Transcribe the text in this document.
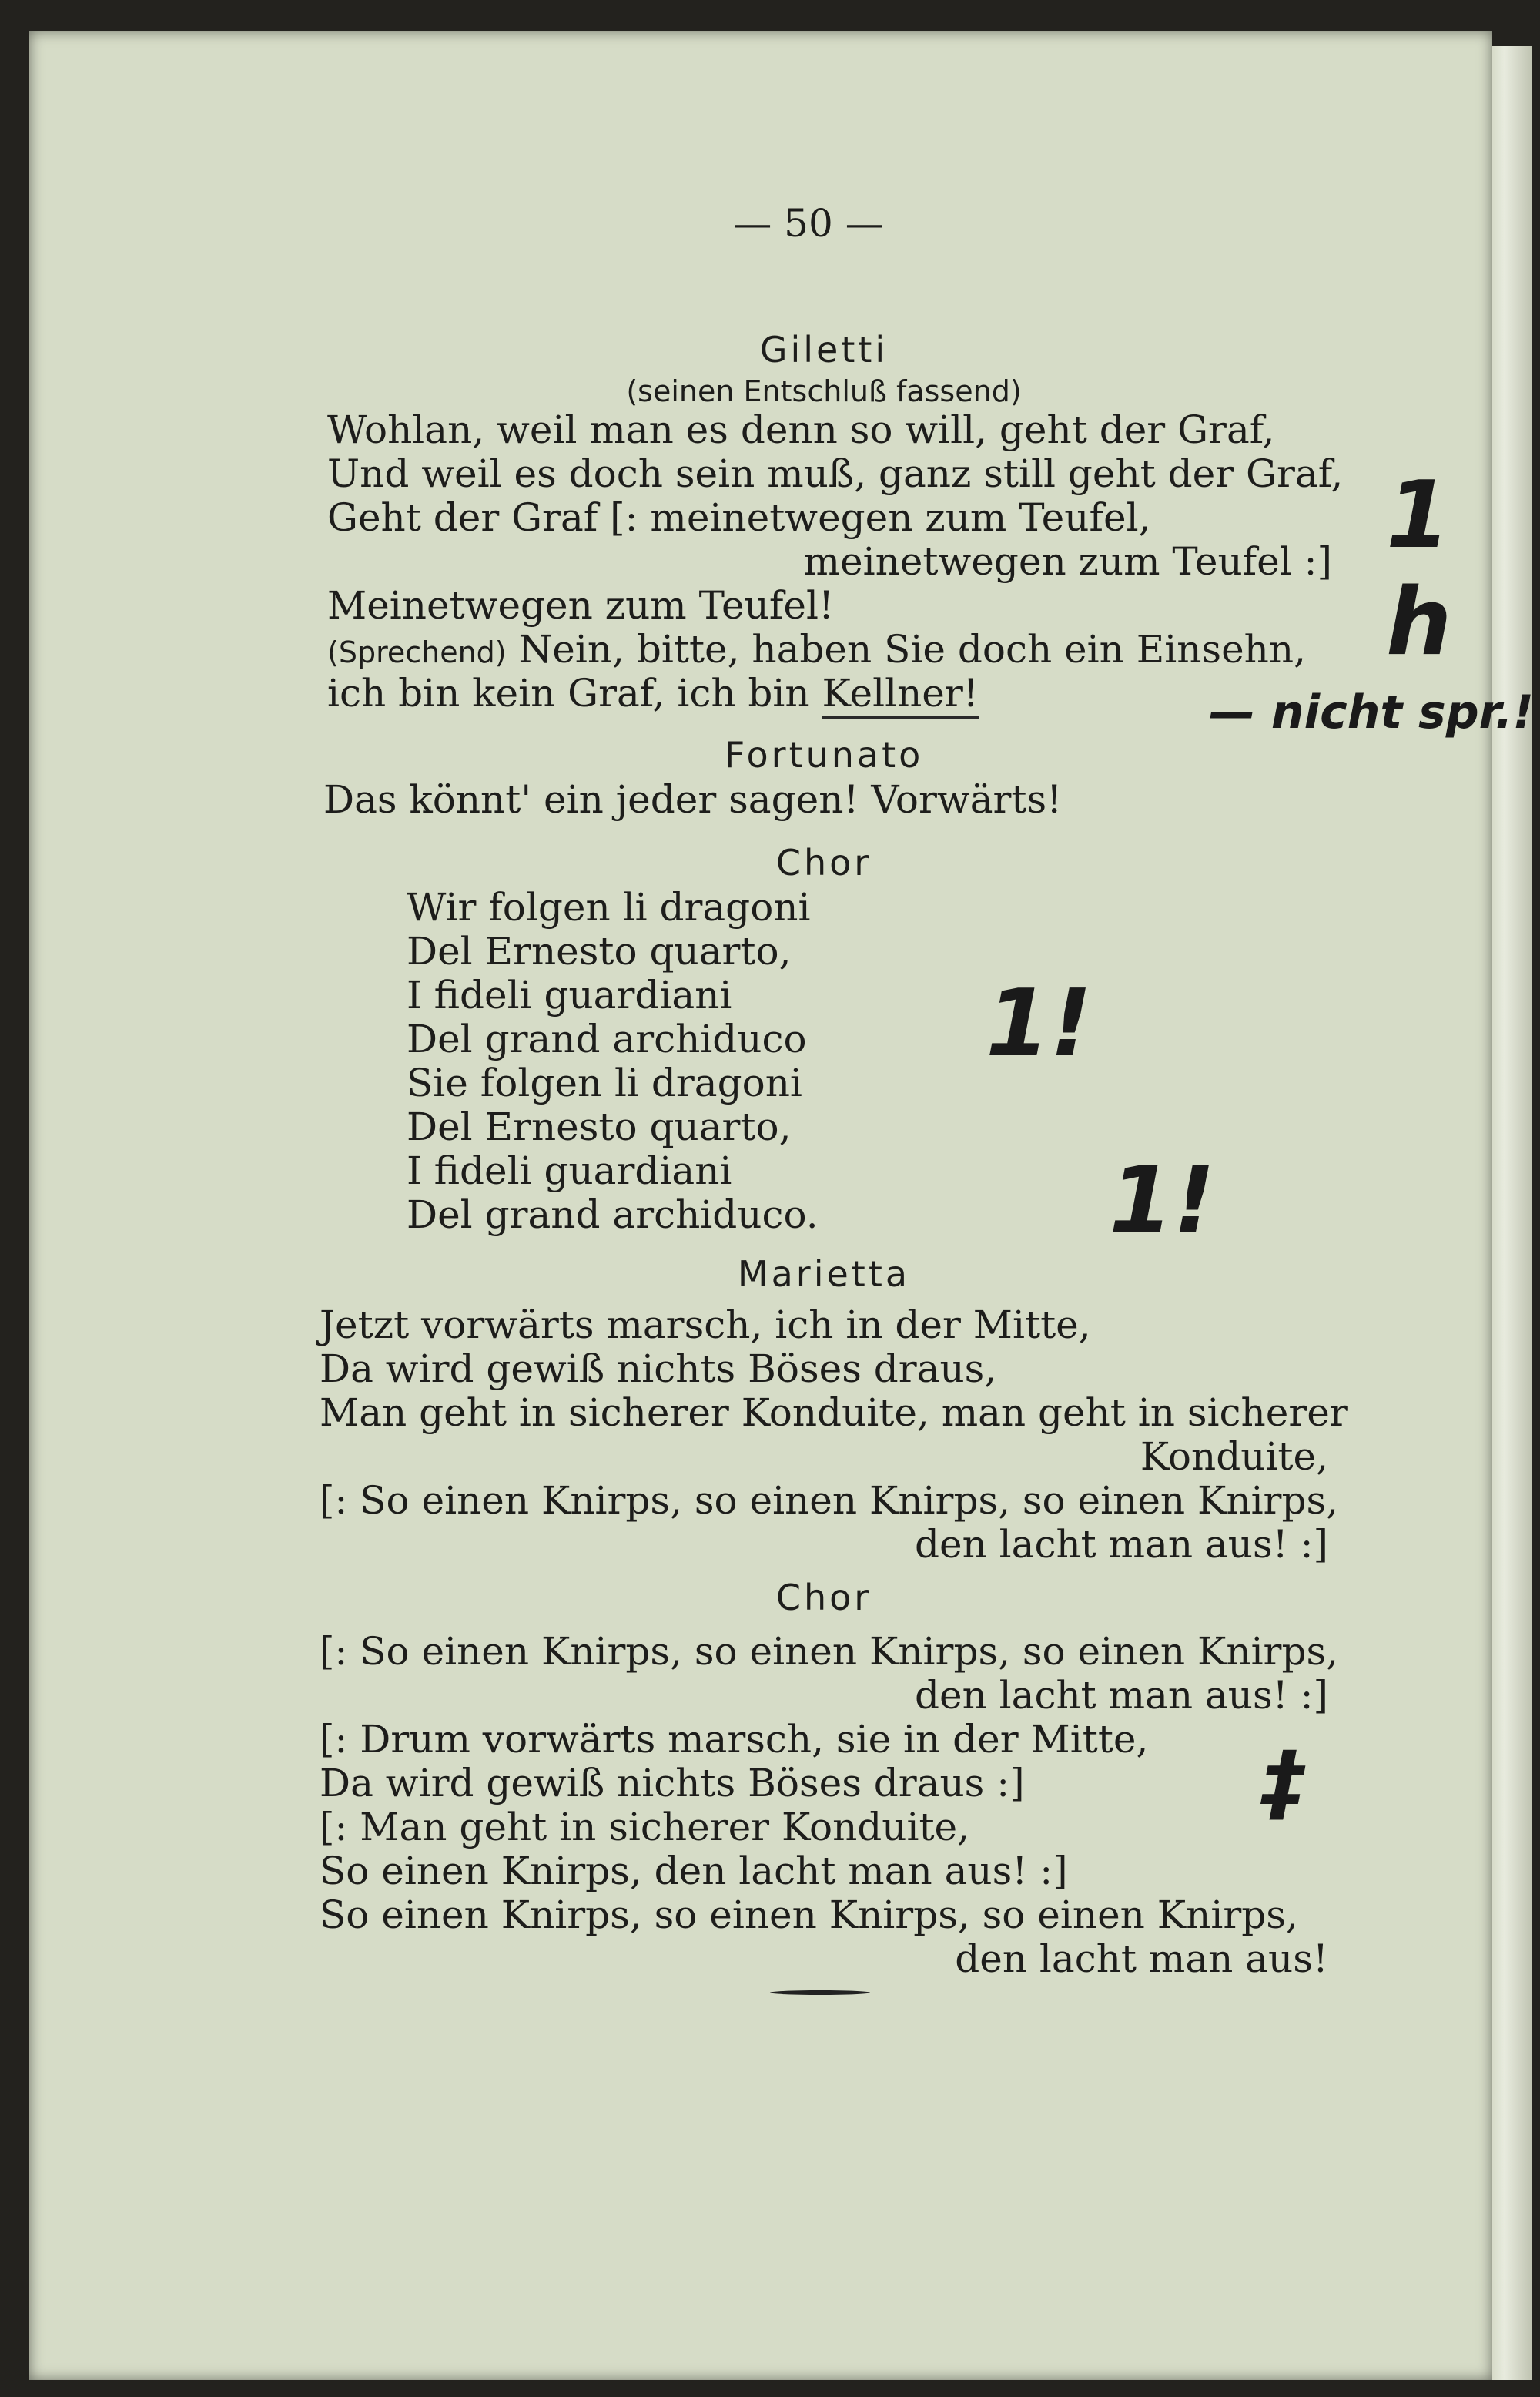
— 50 —
Giletti
(seinen Entschluß fassend)
Wohlan, weil man es denn so will, geht der Graf,
Und weil es doch sein muß, ganz still geht der Graf,
Geht der Graf [: meinetwegen zum Teufel,
meinetwegen zum Teufel :]
Meinetwegen zum Teufel!
(Sprechend) Nein, bitte, haben Sie doch ein Einsehn,
ich bin kein Graf, ich bin Kellner!
Fortunato
Das könnt' ein jeder sagen! Vorwärts!
Chor
Wir folgen li dragoni
Del Ernesto quarto,
I fideli guardiani
Del grand archiduco
Sie folgen li dragoni
Del Ernesto quarto,
I fideli guardiani
Del grand archiduco.
Marietta
Jetzt vorwärts marsch, ich in der Mitte,
Da wird gewiß nichts Böses draus,
Man geht in sicherer Konduite, man geht in sicherer
Konduite,
[: So einen Knirps, so einen Knirps, so einen Knirps,
den lacht man aus! :]
Chor
[: So einen Knirps, so einen Knirps, so einen Knirps,
den lacht man aus! :]
[: Drum vorwärts marsch, sie in der Mitte,
Da wird gewiß nichts Böses draus :]
[: Man geht in sicherer Konduite,
So einen Knirps, den lacht man aus! :]
So einen Knirps, so einen Knirps, so einen Knirps,
den lacht man aus!
1 h
— nicht spr.!
1!
1!
‡
